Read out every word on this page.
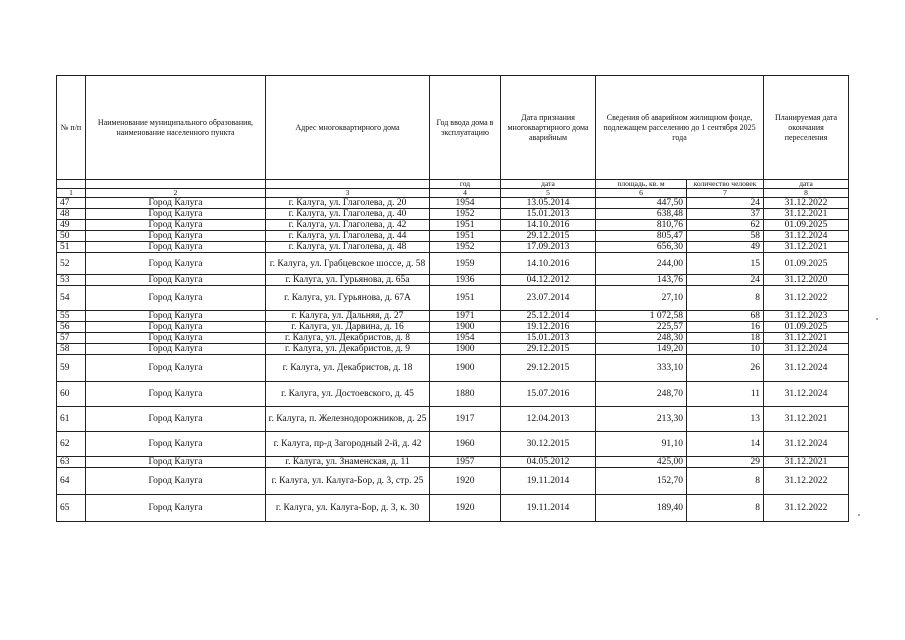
№ п/п	Наименование муниципального образования, наименование населенного пункта	Адрес многоквартирного дома	Год ввода дома в эксплуатацию	Дата признания многоквартирного дома аварийным	Сведения об аварийном жилищном фонде, подлежащем расселению до 1 сентября 2025 года		Планируемая дата окончания переселения
			год	дата	площадь, кв. м	количество человек	дата
1	2	3	4	5	6	7	8
47	Город Калуга	г. Калуга, ул. Глаголева, д. 20	1954	13.05.2014	447,50	24	31.12.2022
48	Город Калуга	г. Калуга, ул. Глаголева, д. 40	1952	15.01.2013	638,48	37	31.12.2021
49	Город Калуга	г. Калуга, ул. Глаголева, д. 42	1951	14.10.2016	810,76	62	01.09.2025
50	Город Калуга	г. Калуга, ул. Глаголева, д. 44	1951	29.12.2015	805,47	58	31.12.2024
51	Город Калуга	г. Калуга, ул. Глаголева, д. 48	1952	17.09.2013	656,30	49	31.12.2021
52	Город Калуга	г. Калуга, ул. Грабцевское шоссе, д. 58	1959	14.10.2016	244,00	15	01.09.2025
53	Город Калуга	г. Калуга, ул. Гурьянова, д. 65а	1936	04.12.2012	143,76	24	31.12.2020
54	Город Калуга	г. Калуга, ул. Гурьянова, д. 67А	1951	23.07.2014	27,10	8	31.12.2022
55	Город Калуга	г. Калуга, ул. Дальняя, д. 27	1971	25.12.2014	1 072,58	68	31.12.2023
56	Город Калуга	г. Калуга, ул. Дарвина, д. 16	1900	19.12.2016	225,57	16	01.09.2025
57	Город Калуга	г. Калуга, ул. Декабристов, д. 8	1954	15.01.2013	248,30	18	31.12.2021
58	Город Калуга	г. Калуга, ул. Декабристов, д. 9	1900	29.12.2015	149,20	10	31.12.2024
59	Город Калуга	г. Калуга, ул. Декабристов, д. 18	1900	29.12.2015	333,10	26	31.12.2024
60	Город Калуга	г. Калуга, ул. Достоевского, д. 45	1880	15.07.2016	248,70	11	31.12.2024
61	Город Калуга	г. Калуга, п. Железнодорожников, д. 25	1917	12.04.2013	213,30	13	31.12.2021
62	Город Калуга	г. Калуга, пр-д Загородный 2-й, д. 42	1960	30.12.2015	91,10	14	31.12.2024
63	Город Калуга	г. Калуга, ул. Знаменская, д. 11	1957	04.05.2012	425,00	29	31.12.2021
64	Город Калуга	г. Калуга, ул. Калуга-Бор, д. 3, стр. 25	1920	19.11.2014	152,70	8	31.12.2022
65	Город Калуга	г. Калуга, ул. Калуга-Бор, д. 3, к. 30	1920	19.11.2014	189,40	8	31.12.2022
